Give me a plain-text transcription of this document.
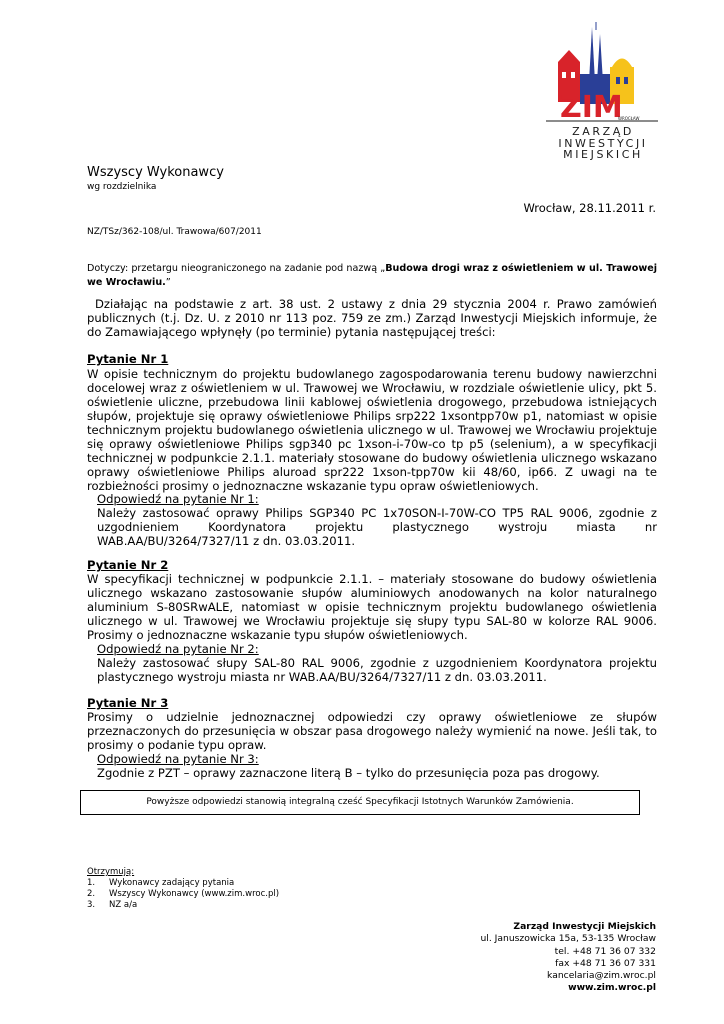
ZIM
WROCŁAW
ZARZĄD
INWESTYCJI
MIEJSKICH
Wszyscy Wykonawcy
wg rozdzielnika
Wrocław, 28.11.2011 r.
NZ/TSz/362-108/ul. Trawowa/607/2011
Dotyczy: przetargu nieograniczonego na zadanie pod nazwą „Budowa drogi wraz z oświetleniem w ul. Trawowej we Wrocławiu.”
Działając na podstawie z art. 38 ust. 2 ustawy z dnia 29 stycznia 2004 r. Prawo zamówień publicznych (t.j. Dz. U. z 2010 nr 113 poz. 759 ze zm.) Zarząd Inwestycji Miejskich informuje, że do Zamawiającego wpłynęły (po terminie) pytania następującej treści:
Pytanie Nr 1
W opisie technicznym do projektu budowlanego zagospodarowania terenu budowy nawierzchni docelowej wraz z oświetleniem w ul. Trawowej we Wrocławiu, w rozdziale oświetlenie ulicy, pkt 5. oświetlenie uliczne, przebudowa linii kablowej oświetlenia drogowego, przebudowa istniejących słupów, projektuje się oprawy oświetleniowe Philips srp222 1xsontpp70w p1, natomiast w opisie technicznym projektu budowlanego oświetlenia ulicznego w ul. Trawowej we Wrocławiu projektuje się oprawy oświetleniowe Philips sgp340 pc 1xson-i-70w-co tp p5 (selenium), a w specyfikacji technicznej w podpunkcie 2.1.1. materiały stosowane do budowy oświetlenia ulicznego wskazano oprawy oświetleniowe Philips aluroad spr222 1xson-tpp70w kii 48/60, ip66. Z uwagi na te rozbieżności prosimy o jednoznaczne wskazanie typu opraw oświetleniowych.
Odpowiedź na pytanie Nr 1:
Należy zastosować oprawy Philips SGP340 PC 1x70SON-I-70W-CO TP5 RAL 9006, zgodnie z uzgodnieniem Koordynatora projektu plastycznego wystroju miasta nr WAB.AA/BU/3264/7327/11 z dn. 03.03.2011.
Pytanie Nr 2
W specyfikacji technicznej w podpunkcie 2.1.1. – materiały stosowane do budowy oświetlenia ulicznego wskazano zastosowanie słupów aluminiowych anodowanych na kolor naturalnego aluminium S-80SRwALE, natomiast w opisie technicznym projektu budowlanego oświetlenia ulicznego w ul. Trawowej we Wrocławiu projektuje się słupy typu SAL-80 w kolorze RAL 9006. Prosimy o jednoznaczne wskazanie typu słupów oświetleniowych.
Odpowiedź na pytanie Nr 2:
Należy zastosować słupy SAL-80 RAL 9006, zgodnie z uzgodnieniem Koordynatora projektu plastycznego wystroju miasta nr WAB.AA/BU/3264/7327/11 z dn. 03.03.2011.
Pytanie Nr 3
Prosimy o udzielnie jednoznacznej odpowiedzi czy oprawy oświetleniowe ze słupów przeznaczonych do przesunięcia w obszar pasa drogowego należy wymienić na nowe. Jeśli tak, to prosimy o podanie typu opraw.
Odpowiedź na pytanie Nr 3:
Zgodnie z PZT – oprawy zaznaczone literą B – tylko do przesunięcia poza pas drogowy.
Powyższe odpowiedzi stanowią integralną cześć Specyfikacji Istotnych Warunków Zamówienia.
Otrzymują:
1. Wykonawcy zadający pytania
2. Wszyscy Wykonawcy (www.zim.wroc.pl)
3. NZ a/a
Zarząd Inwestycji Miejskich
ul. Januszowicka 15a, 53-135 Wrocław
tel. +48 71 36 07 332
fax +48 71 36 07 331
kancelaria@zim.wroc.pl
www.zim.wroc.pl
